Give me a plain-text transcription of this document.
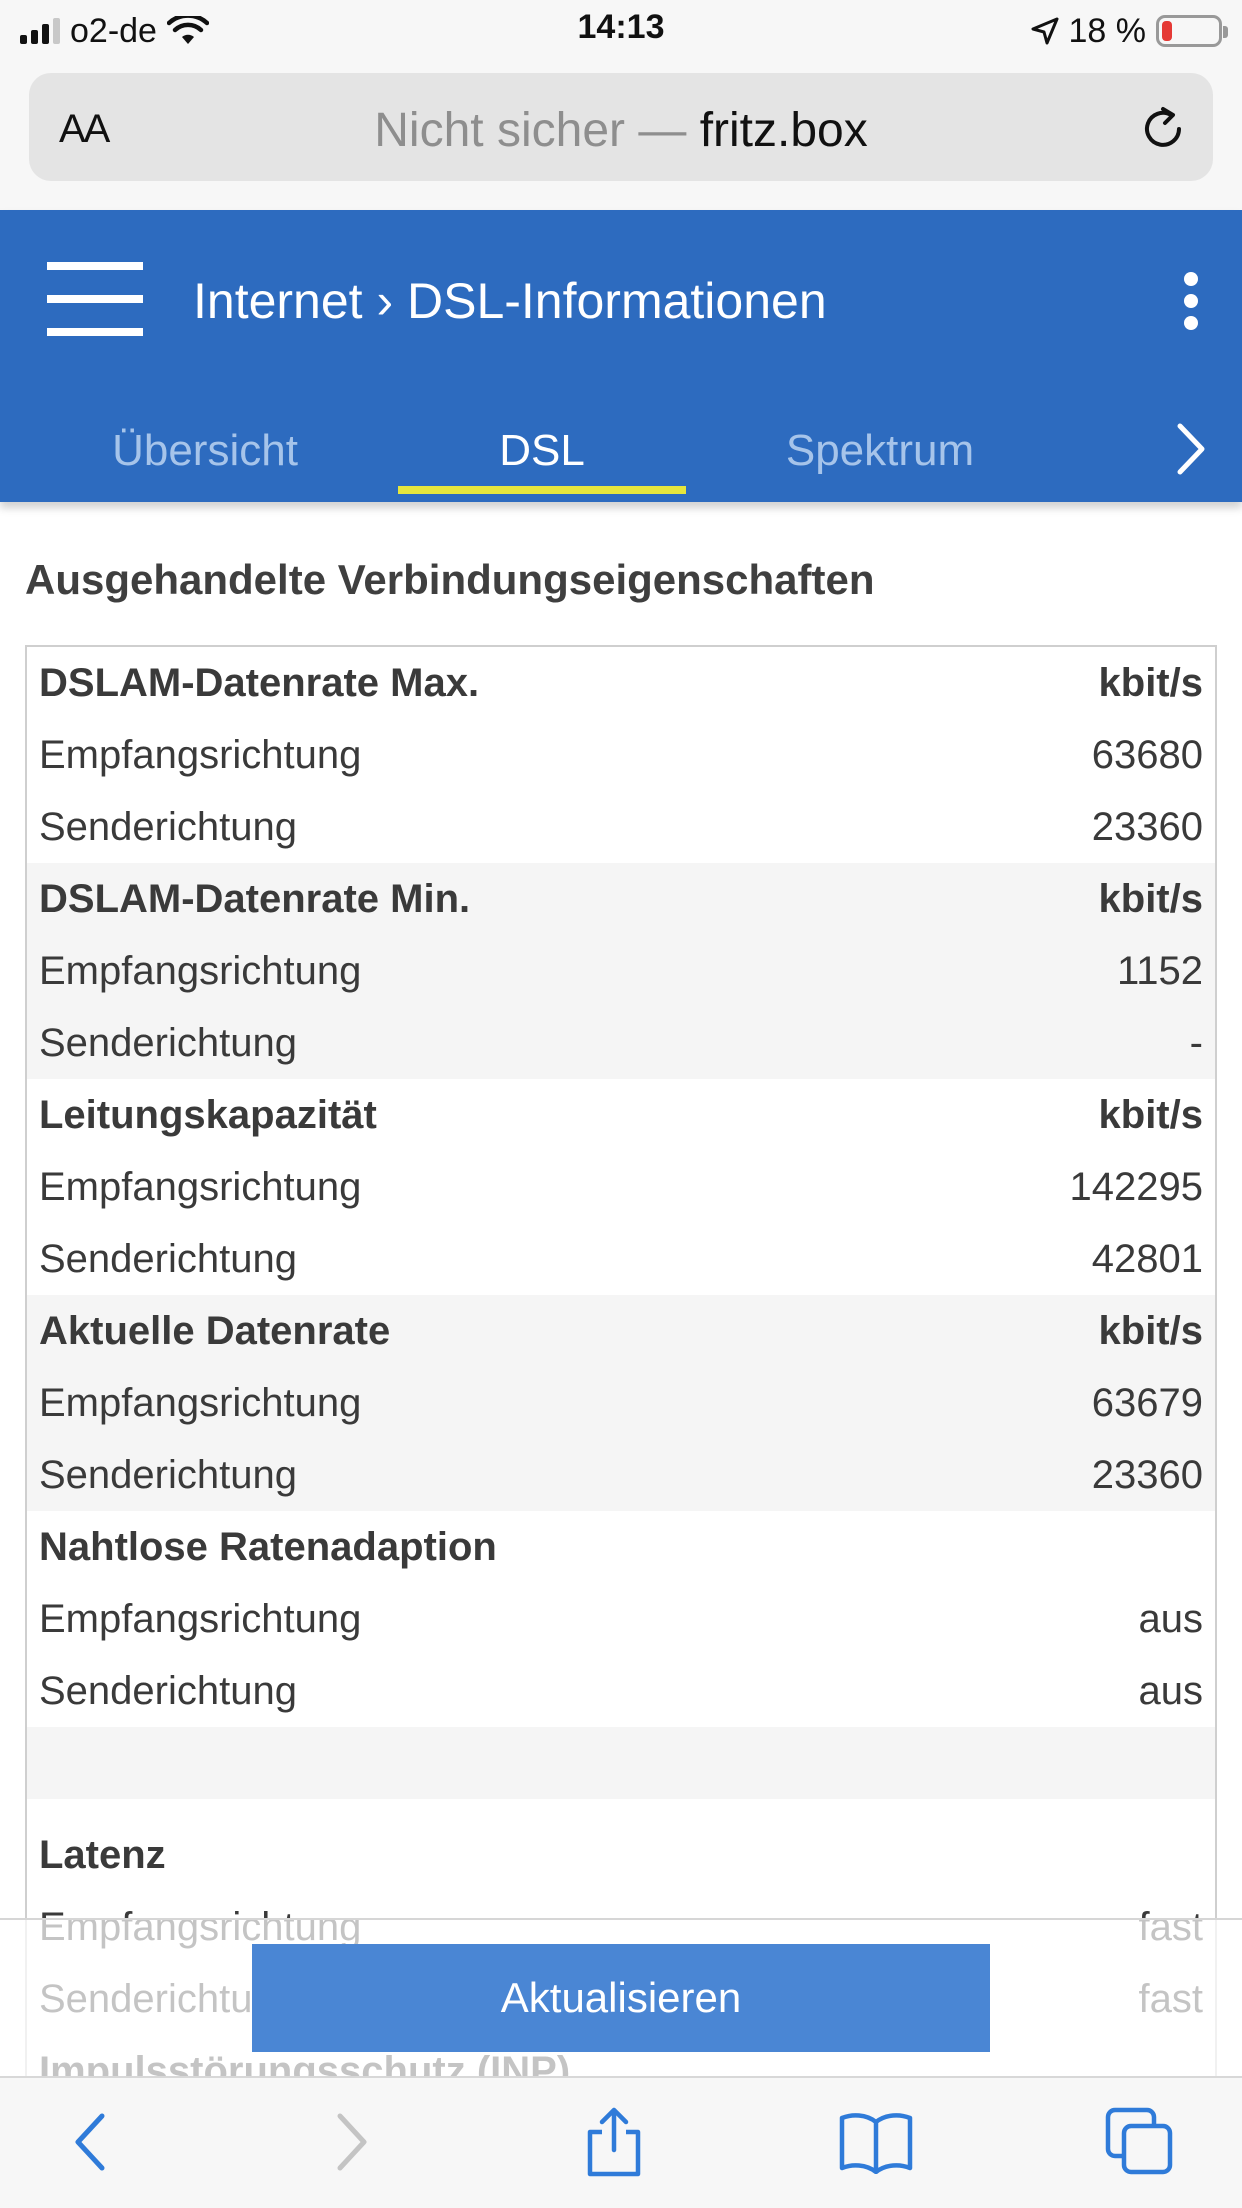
o2-de	14:13	18 %
AA	Nicht sicher — fritz.box
Internet › DSL-Informationen
Übersicht	DSL	Spektrum
Ausgehandelte Verbindungseigenschaften
DSLAM-Datenrate Max.	kbit/s
Empfangsrichtung	63680
Senderichtung	23360
DSLAM-Datenrate Min.	kbit/s
Empfangsrichtung	1152
Senderichtung	-
Leitungskapazität	kbit/s
Empfangsrichtung	142295
Senderichtung	42801
Aktuelle Datenrate	kbit/s
Empfangsrichtung	63679
Senderichtung	23360
Nahtlose Ratenadaption
Empfangsrichtung	aus
Senderichtung	aus
Latenz
Aktualisieren
